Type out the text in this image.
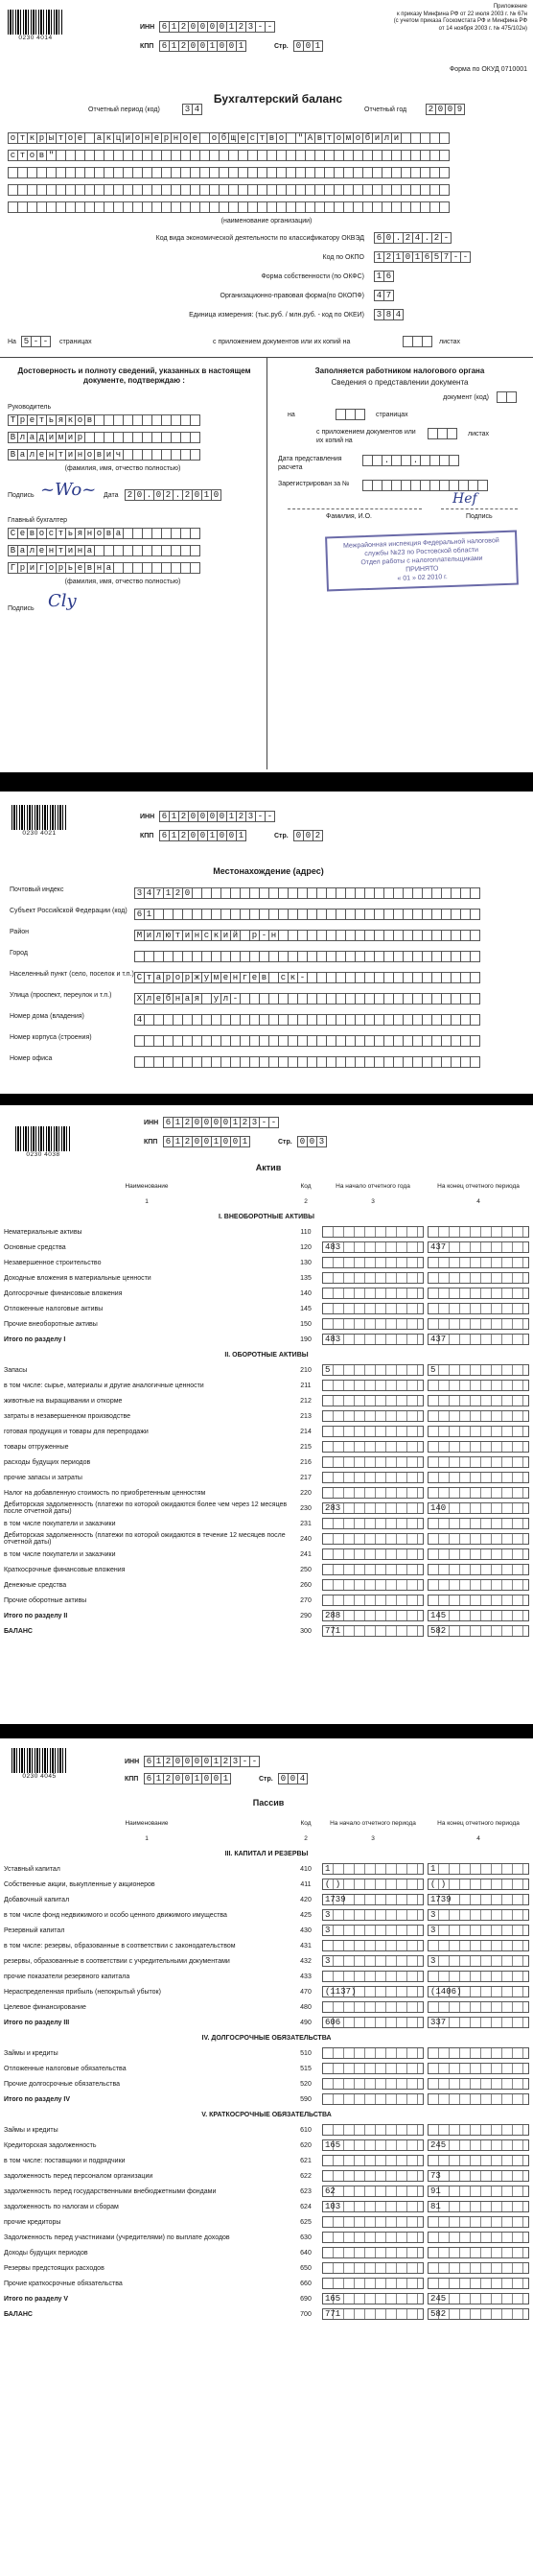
0230 4014
ИНН 6 1 2 0 0 0 0 1 2 3 - -
КПП 6 1 2 0 0 1 0 0 1	Стр. 0 0 1
Приложение
к приказу Минфина РФ от 22 июля 2003 г. № 67н
(с учетом приказа Госкомстата РФ и Минфина РФ
от 14 ноября 2003 г. № 475/102н)
Форма по ОКУД 0710001
Бухгалтерский баланс
Отчетный период (код)	3 4	Отчетный год	2 0 0 9
о т к р ы т о е	а к ц и о н е р н о е	о б щ е с т в о	" А в т о м о б и л и
с т о в "
(наименование организации)
Код вида экономической деятельности по классификатору ОКВЭД	6 0 . 2 4 . 2 -
Код по ОКПО	1 2 1 0 1 6 5 7 - -
Форма собственности (по ОКФС)	1 6
Организационно-правовая форма(по ОКОПФ)	4 7
Единица измерения: (тыс.руб. / млн.руб. - код по ОКЕИ)	3 8 4
На 5 - -	страницах	с приложением документов или их копий на	листах
Достоверность и полноту сведений, указанных в настоящем документе, подтверждаю :
Руководитель
Т р е т ь я к о в
В л а д и м и р
В а л е н т и н о в и ч
(фамилия, имя, отчество полностью)
Подпись ~Wo~ Дата	2 0 . 0 2 . 2 0 1 0
Главный бухгалтер
С е в о с т ь я н о в а
В а л е н т и н а
Г р и г о р ь е в н а
(фамилия, имя, отчество полностью)
Подпись Cly
Заполняется работником налогового органа
Сведения о представлении документа
документ (код)
на	страницах
с приложением документов или их копий на
листах
Дата представления расчета
.	.
Зарегистрирован за №
Фамилия, И.О.	Подпись
Hef
Межрайонная инспекция Федеральной налоговой службы №23 по Ростовской области
Отдел работы с налогоплательщиками
ПРИНЯТО
« 01 » 02 2010 г.
0230 4021
ИНН 6 1 2 0 0 0 0 1 2 3 - -
КПП 6 1 2 0 0 1 0 0 1	Стр. 0 0 2
Местонахождение (адрес)
Почтовый индекс	3 4 7 1 2 0
Субъект Российской Федерации (код)	6 1
Район	М и л ю т и н с к и й	р - н
Город
Населенный пункт (село, поселок и т.п.) С т а р о р ж у м е н г е в	с к -
Улица (проспект, переулок и т.п.)	Х л е б н а я	у л -
Номер дома (владения)	4
Номер корпуса (строения)
Номер офиса
0230 4038
ИНН 6 1 2 0 0 0 0 1 2 3 - -
КПП 6 1 2 0 0 1 0 0 1	Стр. 0 0 3
Актив
Наименование	Код	На начало отчетного года	На конец отчетного периода
1	2	3	4
I. ВНЕОБОРОТНЫЕ АКТИВЫ			
Нематериальные активы	110	

Основные средства	120	483	437

Незавершенное строительство	130	

Доходные вложения в материальные ценности	135	

Долгосрочные финансовые вложения	140	

Отложенные налоговые активы	145	

Прочие внеоборотные активы	150	

Итого по разделу I	190	483	437

II. ОБОРОТНЫЕ АКТИВЫ			
Запасы	210	5	5

в том числе: сырье, материалы и другие аналогичные ценности	211	

животные на выращивании и откорме	212	

затраты в незавершенном производстве	213	

готовая продукция и товары для перепродажи	214	

товары отгруженные	215	

расходы будущих периодов	216	

прочие запасы и затраты	217	

Налог на добавленную стоимость по приобретенным ценностям	220	

Дебиторская задолженность (платежи по которой ожидаются более чем через 12 месяцев после отчетной даты)	230	283	140

в том числе покупатели и заказчики	231	

Дебиторская задолженность (платежи по которой ожидаются в течение 12 месяцев после отчетной даты)	240	

в том числе покупатели и заказчики	241	

Краткосрочные финансовые вложения	250	

Денежные средства	260	

Прочие оборотные активы	270	

Итого по разделу II	290	288	145

БАЛАНС	300	771	582
0230 4045
ИНН 6 1 2 0 0 0 0 1 2 3 - -
КПП 6 1 2 0 0 1 0 0 1	Стр. 0 0 4
Пассив
Наименование	Код	На начало отчетного периода	На конец отчетного периода
1	2	3	4
III. КАПИТАЛ И РЕЗЕРВЫ			
Уставный капитал	410	1	1

Собственные акции, выкупленные у акционеров	411	( )	( )

Добавочный капитал	420	1739	1739

в том числе фонд недвижимого и особо ценного движимого имущества	425	3	3

Резервный капитал	430	3	3

в том числе: резервы, образованные в соответствии с законодательством	431	

резервы, образованные в соответствии с учредительными документами	432	3	3

прочие показатели резервного капитала	433	

Нераспределенная прибыль (непокрытый убыток)	470	(1137)	(1406)

Целевое финансирование	480	

Итого по разделу III	490	606	337

IV. ДОЛГОСРОЧНЫЕ ОБЯЗАТЕЛЬСТВА			
Займы и кредиты	510	

Отложенные налоговые обязательства	515	

Прочие долгосрочные обязательства	520	

Итого по разделу IV	590	

V. КРАТКОСРОЧНЫЕ ОБЯЗАТЕЛЬСТВА			
Займы и кредиты	610	

Кредиторская задолженность	620	165	245

в том числе: поставщики и подрядчики	621	

задолженность перед персоналом организации	622		73

задолженность перед государственными внебюджетными фондами	623	62	91

задолженность по налогам и сборам	624	103	81

прочие кредиторы	625	

Задолженность перед участниками (учредителями) по выплате доходов	630	

Доходы будущих периодов	640	

Резервы предстоящих расходов	650	

Прочие краткосрочные обязательства	660	

Итого по разделу V	690	165	245

БАЛАНС	700	771	582
